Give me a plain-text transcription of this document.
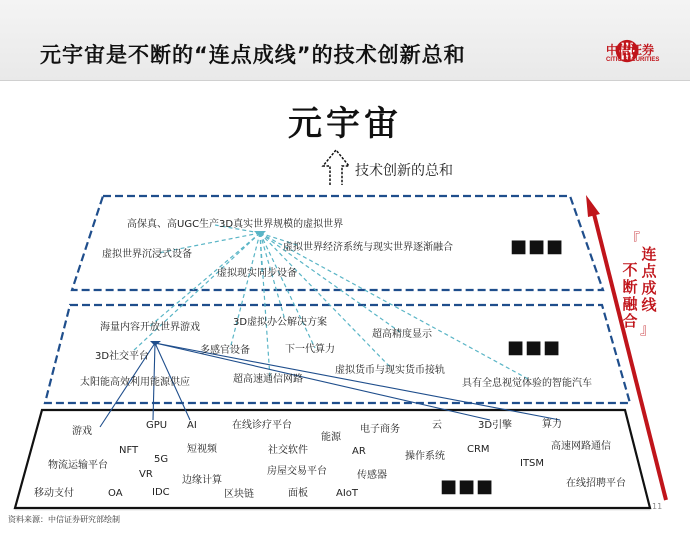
元宇宙是不断的“连点成线”的技术创新总和	中信证券
CITIC SECURITIES
元宇宙
技术创新的总和
高保真、高UGC生产3D真实世界规模的虚拟世界
虚拟世界沉浸式设备
虚拟世界经济系统与现实世界逐渐融合
虚拟现实同步设备
■■■
海量内容开放世界游戏	3D虚拟办公解决方案
超高精度显示
3D社交平台
多感官设备	下一代算力
太阳能高效利用能源供应	超高速通信网路
虚拟货币与现实货币接轨
具有全息视觉体验的智能汽车
■■■
游戏
GPU AI	在线诊疗平台	电子商务	云	3D引擎	算力
NFT
5G
短视频
能源
CRM	高速网路通信
物流运输平台
社交软件	AR	操作系统
ITSM
VR
边缘计算
房屋交易平台	传感器
移动支付	OA	IDC	区块链	面板	AIoT
在线招聘平台
■■■
『
连点成线
不断融合 』
资料来源：中信证券研究部绘制
11
